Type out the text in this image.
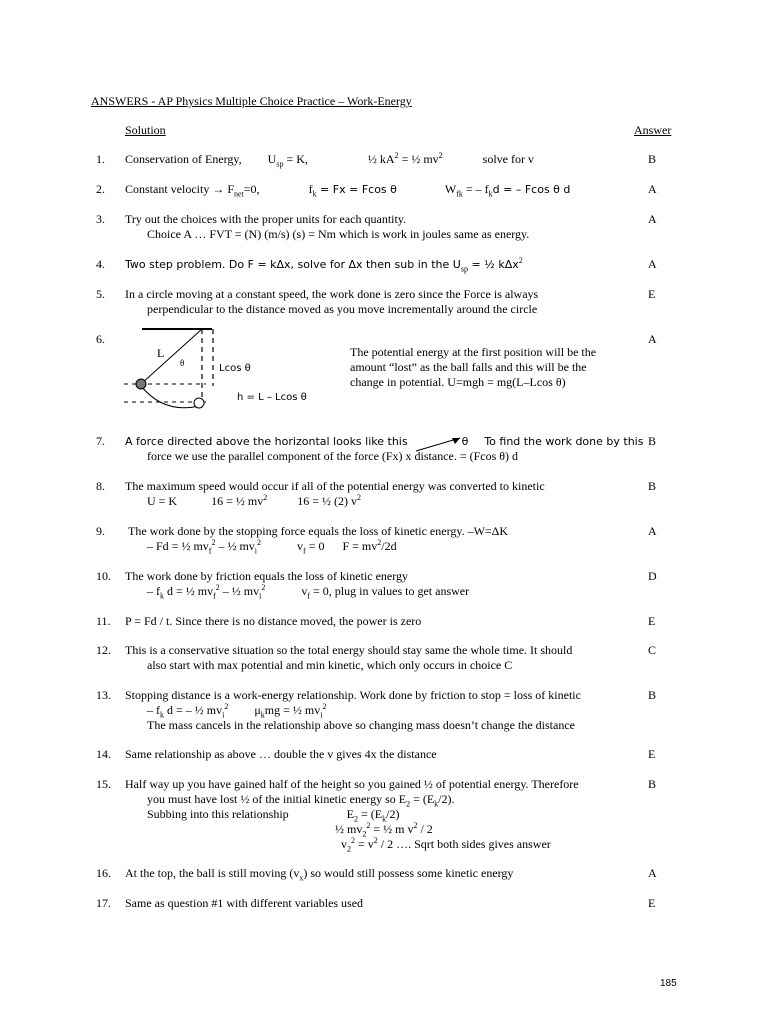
ANSWERS - AP Physics Multiple Choice Practice – Work-Energy
Solution	Answer
1. Conservation of Energy, $U_{sp} = K$,	½ $kA^2$ = ½ $mv^2$	solve for v	B
2. Constant velocity → $F_{net}=0$,	$f_k = Fx = Fcos$ θ	$W_{fk}$ = – $f_kd$ = – Fcos θ d	A
3. Try out the choices with the proper units for each quantity.
Choice A … FVT = (N) (m/s) (s) = Nm which is work in joules same as energy.
A
4. Two step problem. Do F = kΔx, solve for Δx then sub in the $U_{sp}$ = ½ kΔx$^2$	A
5. In a circle moving at a constant speed, the work done is zero since the Force is always
perpendicular to the distance moved as you move incrementally around the circle
E
6.	A
L
θ	Lcos θ
h = L – Lcos θ
The potential energy at the first position will be the
amount “lost” as the ball falls and this will be the
change in potential. U=mgh = mg(L–Lcos θ)
7. A force directed above the horizontal looks like this	θ To find the work done by this
force we use the parallel component of the force (Fx) x distance. = (Fcos θ) d
B
8. The maximum speed would occur if all of the potential energy was converted to kinetic
U = K	16 = ½ $mv^2$	16 = ½ (2) $v^2$
B
9. The work done by the stopping force equals the loss of kinetic energy. –W=ΔK
– Fd = ½ $mv_f^2$ – ½ $mv_i^2$	$v_f = 0$ $F = mv^2/2d$
A
10. The work done by friction equals the loss of kinetic energy
– $f_k$ d = ½ $mv_f^2$ – ½ $mv_i^2$	$v_f = 0$, plug in values to get answer
D
11. P = Fd / t. Since there is no distance moved, the power is zero	E
12. This is a conservative situation so the total energy should stay same the whole time. It should
also start with max potential and min kinetic, which only occurs in choice C
C
13. Stopping distance is a work-energy relationship. Work done by friction to stop = loss of kinetic
– $f_k$ d = – ½ $mv_i^2$ $\mu_kmg$ = ½ $mv_i^2$
The mass cancels in the relationship above so changing mass doesn’t change the distance
B
14. Same relationship as above … double the v gives 4x the distance	E
15. Half way up you have gained half of the height so you gained ½ of potential energy. Therefore
you must have lost ½ of the initial kinetic energy so $E_2 = (E_k/2)$.
Subbing into this relationship	$E_2 = (E_k/2)$
½ $mv_2^2$ = ½ m $v^2 / 2$
$v_2^2 = v^2 / 2$ …. Sqrt both sides gives answer
B
16. At the top, the ball is still moving $(v_x)$ so would still possess some kinetic energy	A
17. Same as question #1 with different variables used	E
185
